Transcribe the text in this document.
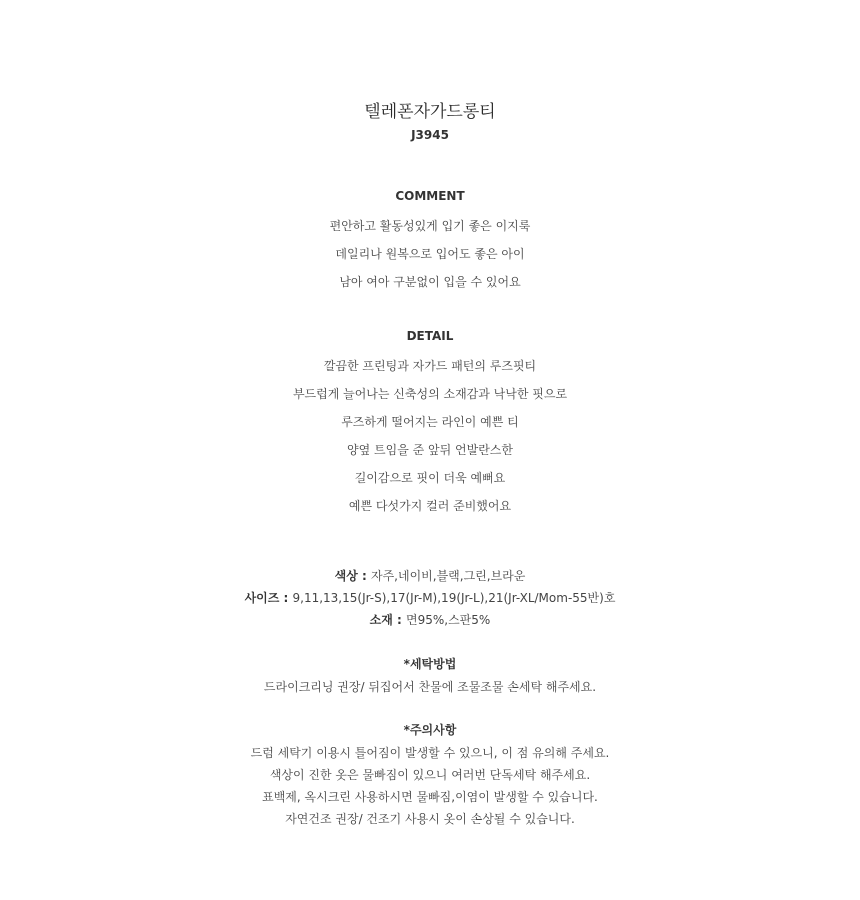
텔레폰자가드롱티
J3945
COMMENT
편안하고 활동성있게 입기 좋은 이지룩
데일리나 원복으로 입어도 좋은 아이
남아 여아 구분없이 입을 수 있어요
DETAIL
깔끔한 프린팅과 자가드 패턴의 루즈핏티
부드럽게 늘어나는 신축성의 소재감과 낙낙한 핏으로
루즈하게 떨어지는 라인이 예쁜 티
양옆 트임을 준 앞뒤 언발란스한
길이감으로 핏이 더욱 예뻐요
예쁜 다섯가지 컬러 준비했어요
색상 : 자주,네이비,블랙,그린,브라운
사이즈 : 9,11,13,15(Jr-S),17(Jr-M),19(Jr-L),21(Jr-XL/Mom-55반)호
소재 : 면95%,스판5%
*세탁방법
드라이크리닝 권장/ 뒤집어서 찬물에 조물조물 손세탁 해주세요.
*주의사항
드럼 세탁기 이용시 틀어짐이 발생할 수 있으니, 이 점 유의해 주세요.
색상이 진한 옷은 물빠짐이 있으니 여러번 단독세탁 해주세요.
표백제, 옥시크린 사용하시면 물빠짐,이염이 발생할 수 있습니다.
자연건조 권장/ 건조기 사용시 옷이 손상될 수 있습니다.
